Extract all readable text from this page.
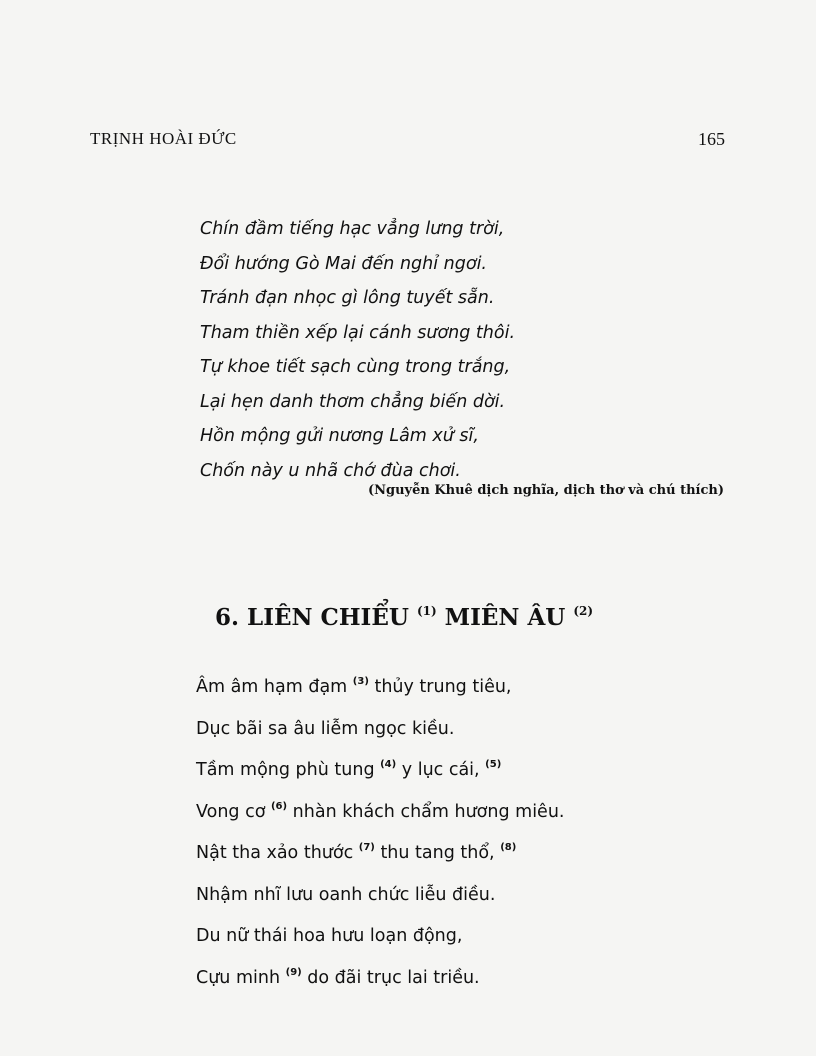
TRỊNH HOÀI ĐỨC	165
Chín đầm tiếng hạc vẳng lưng trời,
Đổi hướng Gò Mai đến nghỉ ngơi.
Tránh đạn nhọc gì lông tuyết sẵn.
Tham thiền xếp lại cánh sương thôi.
Tự khoe tiết sạch cùng trong trắng,
Lại hẹn danh thơm chẳng biến dời.
Hồn mộng gửi nương Lâm xử sĩ,
Chốn này u nhã chớ đùa chơi.
(Nguyễn Khuê dịch nghĩa, dịch thơ và chú thích)
6. LIÊN CHIỂU $^{(1)}$ MIÊN ÂU $^{(2)}$
Âm âm hạm đạm $^{(3)}$ thủy trung tiêu,
Dục bãi sa âu liễm ngọc kiều.
Tầm mộng phù tung $^{(4)}$ y lục cái, $^{(5)}$
Vong cơ $^{(6)}$ nhàn khách chẩm hương miêu.
Nật tha xảo thước $^{(7)}$ thu tang thổ, $^{(8)}$
Nhậm nhĩ lưu oanh chức liễu điều.
Du nữ thái hoa hưu loạn động,
Cựu minh $^{(9)}$ do đãi trục lai triều.
